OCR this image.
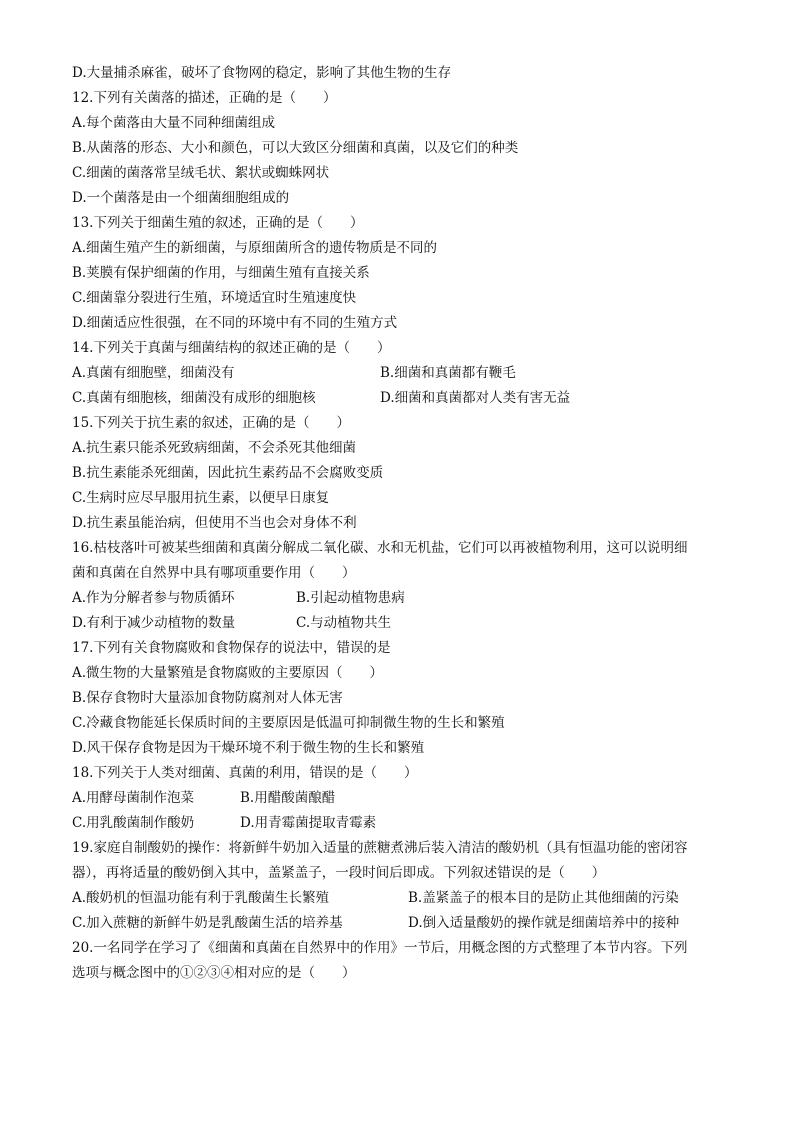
D.大量捕杀麻雀，破坏了食物网的稳定，影响了其他生物的生存
12.下列有关菌落的描述，正确的是（　　）
A.每个菌落由大量不同种细菌组成
B.从菌落的形态、大小和颜色，可以大致区分细菌和真菌，以及它们的种类
C.细菌的菌落常呈绒毛状、絮状或蜘蛛网状
D.一个菌落是由一个细菌细胞组成的
13.下列关于细菌生殖的叙述，正确的是（　　）
A.细菌生殖产生的新细菌，与原细菌所含的遗传物质是不同的
B.荚膜有保护细菌的作用，与细菌生殖有直接关系
C.细菌靠分裂进行生殖，环境适宜时生殖速度快
D.细菌适应性很强，在不同的环境中有不同的生殖方式
14.下列关于真菌与细菌结构的叙述正确的是（　　）
A.真菌有细胞壁，细菌没有	B.细菌和真菌都有鞭毛
C.真菌有细胞核，细菌没有成形的细胞核	D.细菌和真菌都对人类有害无益
15.下列关于抗生素的叙述，正确的是（　　）
A.抗生素只能杀死致病细菌，不会杀死其他细菌
B.抗生素能杀死细菌，因此抗生素药品不会腐败变质
C.生病时应尽早服用抗生素，以便早日康复
D.抗生素虽能治病，但使用不当也会对身体不利
16.枯枝落叶可被某些细菌和真菌分解成二氧化碳、水和无机盐，它们可以再被植物利用，这可以说明细
菌和真菌在自然界中具有哪项重要作用（　　）
A.作为分解者参与物质循环	B.引起动植物患病
D.有利于减少动植物的数量	C.与动植物共生
17.下列有关食物腐败和食物保存的说法中，错误的是
A.微生物的大量繁殖是食物腐败的主要原因（　　）
B.保存食物时大量添加食物防腐剂对人体无害
C.冷藏食物能延长保质时间的主要原因是低温可抑制微生物的生长和繁殖
D.风干保存食物是因为干燥环境不利于微生物的生长和繁殖
18.下列关于人类对细菌、真菌的利用，错误的是（　　）
A.用酵母菌制作泡菜	B.用醋酸菌酿醋
C.用乳酸菌制作酸奶	D.用青霉菌提取青霉素
19.家庭自制酸奶的操作：将新鲜牛奶加入适量的蔗糖煮沸后装入清洁的酸奶机（具有恒温功能的密闭容
器），再将适量的酸奶倒入其中，盖紧盖子，一段时间后即成。下列叙述错误的是（　　）
A.酸奶机的恒温功能有利于乳酸菌生长繁殖	B.盖紧盖子的根本目的是防止其他细菌的污染
C.加入蔗糖的新鲜牛奶是乳酸菌生活的培养基	D.倒入适量酸奶的操作就是细菌培养中的接种
20.一名同学在学习了《细菌和真菌在自然界中的作用》一节后，用概念图的方式整理了本节内容。下列
选项与概念图中的①②③④相对应的是（　　）
